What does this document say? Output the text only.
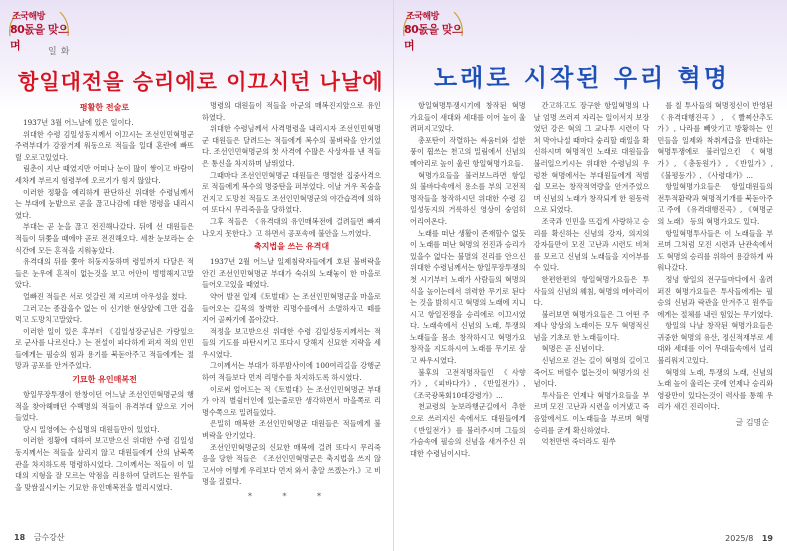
조국해방
80돐을 맞으며	일화
항일대전을 승리에로 이끄시던 나날에
평활한 전술로

1937년 3월 어느날에 있은 일이다.

위대한 수령 김일성동지께서 이끄시는 조선인민혁명군 주력부대가 강잠거제 워동으로 적들을 일대 혼란에 빠뜨릴 오로고있었다.

림춘이 지난 때였지만 어떠나 눈이 많이 쌓이고 바람이 세차게 부르지 험령부에 오르기가 힘지 않았다.

이러한 정황을 예리하게 판단하신 위대한 수령님께서는 부대에 눈밭으로 곧을 끊고나감에 대한 명령을 내리시였다.

부대는 곧 눈을 끊고 전진해나갔다. 뒤에 선 대원들은 적들이 뒤쫓을 때에야 곧로 전진해오다. 세찬 눈보라는 순식간에 모든 흔적을 지워놓았다.

유격대의 뒤를 쫓아 허둥지둥하며 령밑까지 다달은 적들은 눈우에 흔적이 없는것을 보고 어안이 벙벙해지고말았다.

얼빠진 적들은 서로 엇갈린 채 지르며 아우성을 쳤다.

그러고는 종잡을수 없는 이 신기한 현상앞에 그만 겁을 먹고 도망치고말았다.

이러한 일이 있은 후부터 《김일성장군님은 가랑잎으로 군사를 나르신다.》는 전설이 파다하게 퍼져 적의 인민들에게는 필승의 힘과 용기를 북돋아주고 적들에게는 절망과 공포를 안겨주었다.

기묘한 유인매복전

항일무장투쟁이 한창이던 어느날 조선인민혁명군의 행적을 찾아헤매던 수백명의 적들이 유격부대 앞으로 기어들었다.

당시 밀영에는 수십명의 대원들만이 있었다.

이러한 정황에 대하여 보고받으신 위대한 수령 김일성동지께서는 적들을 살리지 않고 대원들에게 산의 남북쪽 관을 차지하도록 명령하시었다. 그이께서는 적들이 이 일대의 지형을 잘 모르는 약점을 리용하여 달려드는 원쑤들을 맞쌈질시키는 기묘한 유인매복전을 벌리시였다.

명령의 대원들이 적들을 아군의 매복진지앞으로 유인하였다.

위대한 수령님께서 사격명령을 내리시자 조선인민혁명군 대원들은 달려드는 적들에게 복수의 불벼락을 안기었다. 조선인민혁명군의 첫 사격에 수많은 사상자를 낸 적들은 통신을 차지하며 날뛰었다.

그때마다 조선인민혁명군 대원들은 맹렬한 집중사격으로 적들에게 복수의 명중탄을 퍼부었다. 이날 겨우 목숨을 건지고 도망친 적들도 조선인민혁명군의 야간습격에 의하여 또다시 무리죽음을 당하였다.

그후 적들은 《유격대의 유인매복전에 걸려들면 빠져나오지 못한다.》고 하면서 공포속에 불안을 느끼였다.

축지법을 쓰는 유격대

1937년 2월 어느날 일제침략자들에게 호된 불벼락을 안긴 조선인민혁명군 부대가 숙쉬의 노래놓이 한 마을로 들어오고있을 때였다.

약어 발전 일제《토벌대》는 조선인민혁명군을 마을로 들어오는 길목의 창벽한 리명수를에서 소멸하자고 떼를 지어 골짜기에 몰아갔다.

적정을 보고받으신 위대한 수령 김일성동지께서는 적들의 기도를 파탄시키고 또다시 당해지 신묘한 지략을 세우시였다.

그이께서는 부대가 하루밤사이에 100여리길을 강행군하여 적들보다 먼저 리명수를 차지하도록 하시였다.

이로써 엎어드는 적《토벌대》는 조선인민혁명군 부대가 아직 별쉼터인에 있는줄로만 생각하면서 마을쪽로 리명수쪽으로 밀려들었다.

은밀히 매복한 조선인민혁명군 대원들은 적들에게 불벼락을 안기었다.

조선인민혁명군의 신묘한 매복에 걸려 또다시 무리죽음을 당한 적들은 《조선인민혁명군은 축지법을 쓰지 않고서야 어떻게 우리보다 먼저 와서 총알 쓰겠는가.》고 비명을 질렀다.

* * *
18 금수강산
조국해방
80돐을 맞으며
노래로 시작된 우리 혁명

항일혁명투쟁시기에 창작된 혁명가요들이 새대와 세대를 이어 높이 울려퍼지고있다.

총포탄이 작렬하는 싸움터와 설한풍이 휩쓰는 천고의 밀림에서 신념의 메아리로 높이 울린 항일혁명가요들.

혁명가요들을 불러보느라면 항일의 불바다속에서 용소를 부의 고전적명작들을 창작하시던 위대한 수령 김일성동지의 거룩하신 영상이 숭엄히 어리여온다.

노래를 떠난 생활이 존재할수 없듯이 노래를 떠난 혁명의 전진과 승리가 있을수 없다는 불멸의 진리를 안으신 위대한 수령님께서는 항일무장투쟁의 첫 시기부터 노래가 사람들의 혁명의식을 높이는데서 위력한 무기로 된다는 것을 밝히시고 혁명의 노래에 지니시고 항일전쟁을 승리에로 이끄시였다. 노래속에서 신념의 노래, 투쟁의 노래들을 몸소 창작하시고 혁명가요창작을 지도하시여 노래를 무기로 삼고 싸우시였다.

불후의 고전적명작들인 《사향가》, 《피바다가》, 《반일전가》, 《조국광복회10대강령가》...

천교령의 눈보라행군길에서 추한으로 쓰러지신 속에서도 대원들에게 《반일전가》를 불러주시며 그들의 가슴속에 필승의 신념을 새겨주신 위대한 수령님이시다.

간고하고도 장구한 항일혁명의 나날 엄명 쓰러져 자리는 일이서지 보장였던 강은 혁의 그 교나투 시련이 닥쳐 막아나설 때마다 숭리할 래일을 확신하시며 혁명적인 노래로 대원들을 불러일으키시는 위대한 수령님의 우렁찬 혁명에서는 부대원들에게 적범쉽 모르는 창작적역량을 안겨주었으며 신념의 노래가 창작되게 한 원동력으로 되였다.

조국과 인민을 뜨겁게 사랑하고 승리를 확신하는 신념의 강자, 의지의 강자들만이 모진 고난과 시련도 비쳐를 모르고 신념의 노래들을 지어부를수 있다.

한편한편의 항일혁명가요들은 투사들의 신념의 웨침, 혁명의 메아리이다.

불러보면 혁명가요들은 그 어떤 주제나 양상의 노래이든 모두 혁명적신념을 기초로 한 노래들이다.

혁명은 곧 신념이다.

신념으로 걷는 길이 혁명의 길이고 죽어도 버릴수 없는것이 혁명가의 신념이다.

투사들은 언제나 혁명가요들을 부르며 모진 고난과 시련을 이겨냈고 죽음앞에서도 이노래들을 부르며 혁명승리를 굳게 확신하였다.

억천만번 죽더라도 원쑤

를 칠 투사들의 혁명정신이 반영된 《유격대행진곡》, 《빨찌산추도가》, 나라를 빼앗기고 방황하는 인민들을 일제와 착취계급을 반대하는 혁명투쟁에로 불러일으킨 《혁명가》, 《총동원가》, 《반일가》, 《불평등가》, 《사령대가》...

항일혁명가요들은 항일대원들의 전투적환략과 혁명적기개를 북돋아주고 주에 《유격대행진곡》, 《혁명군의 노래》 등의 혁명가요도 있다.

항일혁명투사들은 이 노래들을 부르며 그처럼 모진 시련과 난관속에서도 혁명의 승리를 위하여 용감하게 싸워나갔다.

정녕 항일의 전구들마다에서 울려퍼진 혁명가요들은 투사들에게는 필승의 신념과 락관을 안겨주고 원쑤들에게는 절체를 내린 힘있는 무기였다.

항일의 나날 창작된 혁명가요들은 귀중한 혁명의 유산, 정신적재부로 세대와 세대를 이어 무대들속에서 널리 불리워지고있다.

혁명의 노래, 투쟁의 노래, 신념의 노래 높이 울리는 곳에 언제나 승리와 영광만이 있다는것이 력사를 통해 우리가 새긴 진리이다.

글 김명순
2025/8 19
